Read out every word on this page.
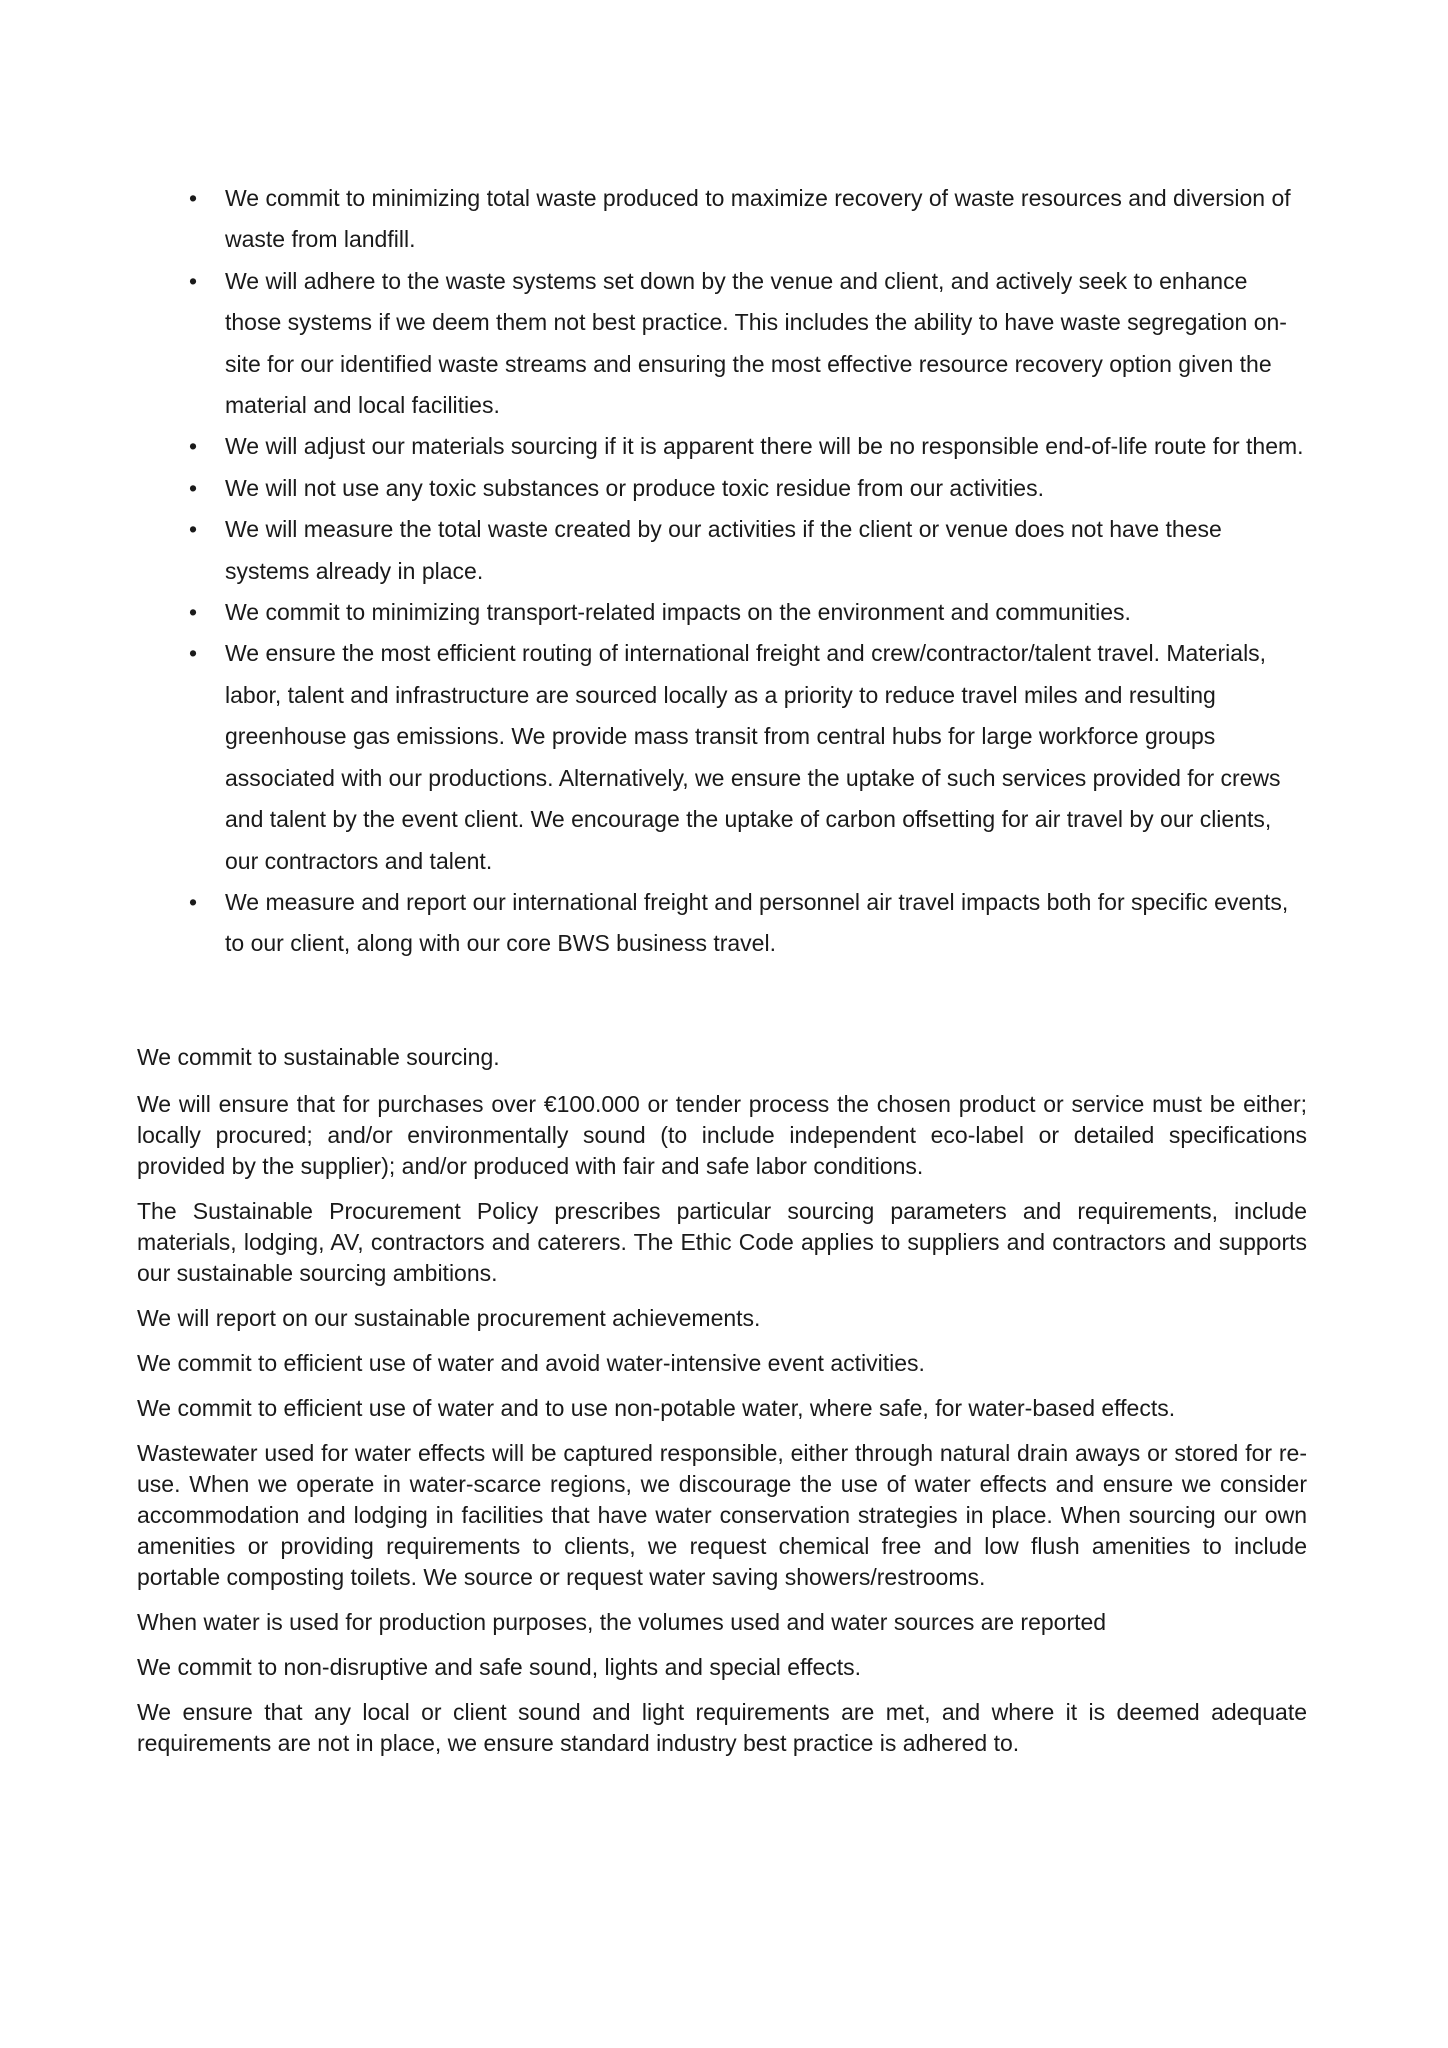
• We commit to minimizing total waste produced to maximize recovery of waste resources and diversion of waste from landfill.
• We will adhere to the waste systems set down by the venue and client, and actively seek to enhance those systems if we deem them not best practice. This includes the ability to have waste segregation on-site for our identified waste streams and ensuring the most effective resource recovery option given the material and local facilities.
• We will adjust our materials sourcing if it is apparent there will be no responsible end-of-life route for them.
• We will not use any toxic substances or produce toxic residue from our activities.
• We will measure the total waste created by our activities if the client or venue does not have these systems already in place.
• We commit to minimizing transport-related impacts on the environment and communities.
• We ensure the most efficient routing of international freight and crew/contractor/talent travel. Materials, labor, talent and infrastructure are sourced locally as a priority to reduce travel miles and resulting greenhouse gas emissions. We provide mass transit from central hubs for large workforce groups associated with our productions. Alternatively, we ensure the uptake of such services provided for crews and talent by the event client. We encourage the uptake of carbon offsetting for air travel by our clients, our contractors and talent.
• We measure and report our international freight and personnel air travel impacts both for specific events, to our client, along with our core BWS business travel.

We commit to sustainable sourcing.

We will ensure that for purchases over €100.000 or tender process the chosen product or service must be either; locally procured; and/or environmentally sound (to include independent eco-label or detailed specifications provided by the supplier); and/or produced with fair and safe labor conditions.

The Sustainable Procurement Policy prescribes particular sourcing parameters and requirements, include materials, lodging, AV, contractors and caterers. The Ethic Code applies to suppliers and contractors and supports our sustainable sourcing ambitions.

We will report on our sustainable procurement achievements.

We commit to efficient use of water and avoid water-intensive event activities.

We commit to efficient use of water and to use non-potable water, where safe, for water-based effects.

Wastewater used for water effects will be captured responsible, either through natural drain aways or stored for re-use. When we operate in water-scarce regions, we discourage the use of water effects and ensure we consider accommodation and lodging in facilities that have water conservation strategies in place. When sourcing our own amenities or providing requirements to clients, we request chemical free and low flush amenities to include portable composting toilets. We source or request water saving showers/restrooms.

When water is used for production purposes, the volumes used and water sources are reported

We commit to non-disruptive and safe sound, lights and special effects.

We ensure that any local or client sound and light requirements are met, and where it is deemed adequate requirements are not in place, we ensure standard industry best practice is adhered to.
